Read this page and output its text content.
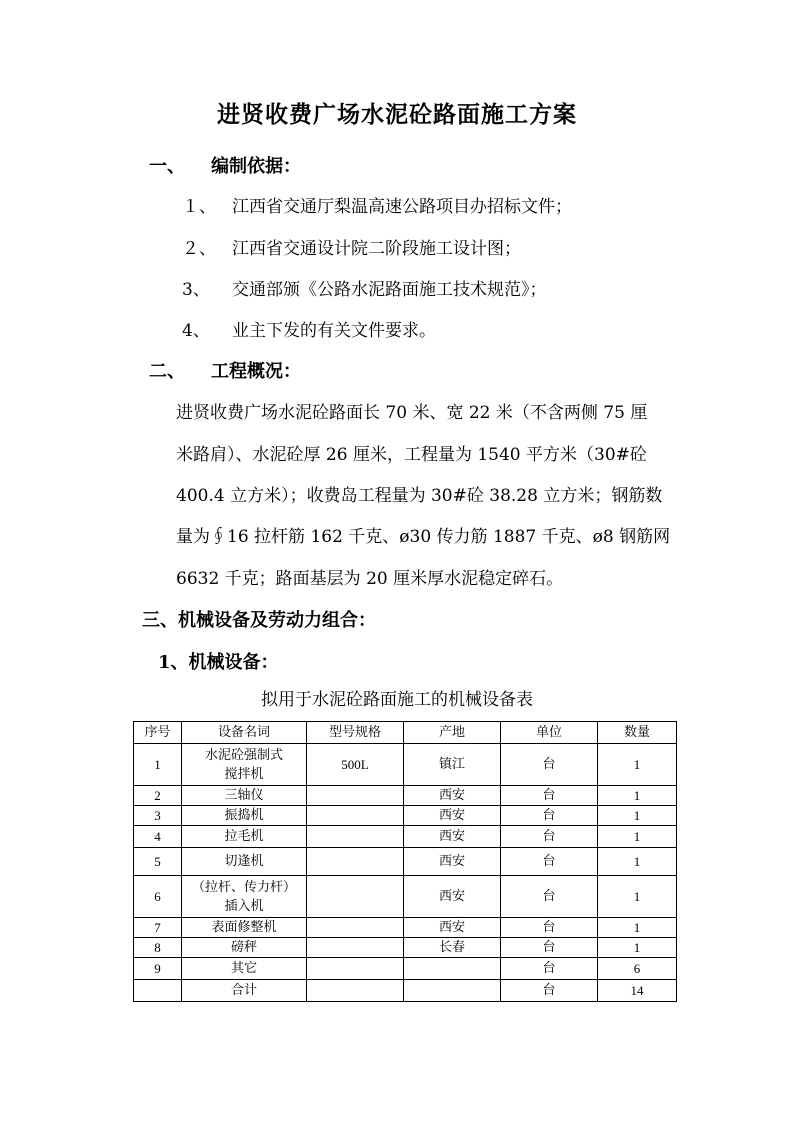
进贤收费广场水泥砼路面施工方案
一、 编制依据：
１、 江西省交通厅梨温高速公路项目办招标文件；
２、 江西省交通设计院二阶段施工设计图；
3、 交通部颁《公路水泥路面施工技术规范》；
4、 业主下发的有关文件要求。
二、 工程概况：
进贤收费广场水泥砼路面长 70 米、宽 22 米（不含两侧 75 厘
米路肩）、水泥砼厚 26 厘米，工程量为 1540 平方米（30#砼
400.4 立方米）；收费岛工程量为 30#砼 38.28 立方米；钢筋数
量为∮16 拉杆筋 162 千克、ø30 传力筋 1887 千克、ø8 钢筋网
6632 千克；路面基层为 20 厘米厚水泥稳定碎石。
三、机械设备及劳动力组合：
1、机械设备：
拟用于水泥砼路面施工的机械设备表
序号	设备名词	型号规格	产地	单位	数量
1	水泥砼强制式
搅拌机	500L	镇江	台	1
2	三轴仪		西安	台	1
3	振捣机		西安	台	1
4	拉毛机		西安	台	1
5	切逢机		西安	台	1
6	（拉杆、传力杆）
插入机		西安	台	1
7	表面修整机		西安	台	1
8	磅秤		长春	台	1
9	其它			台	6
	合计			台	14
